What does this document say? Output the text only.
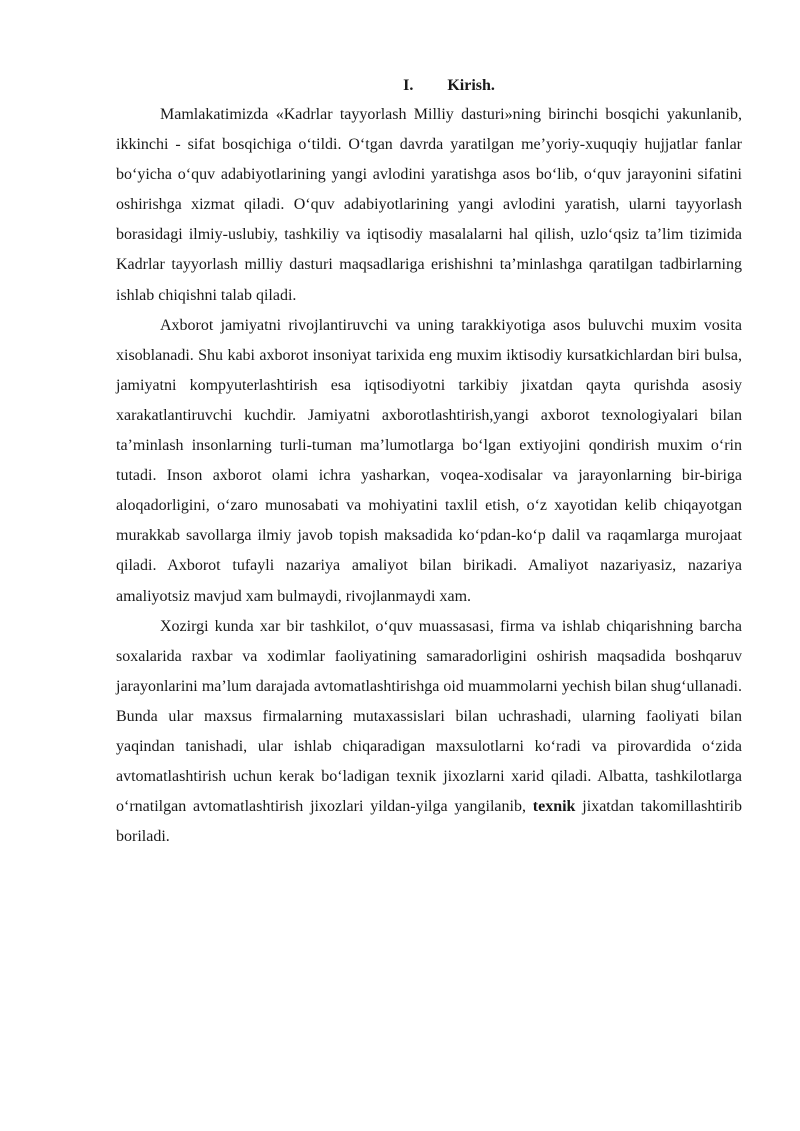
I. Kirish.

Mamlakatimizda «Kadrlar tayyorlash Milliy dasturi»ning birinchi bosqichi yakunlanib, ikkinchi - sifat bosqichiga o‘tildi. O‘tgan davrda yaratilgan me’yoriy-xuquqiy hujjatlar fanlar bo‘yicha o‘quv adabiyotlarining yangi avlodini yaratishga asos bo‘lib, o‘quv jarayonini sifatini oshirishga xizmat qiladi. O‘quv adabiyotlarining yangi avlodini yaratish, ularni tayyorlash borasidagi ilmiy-uslubiy, tashkiliy va iqtisodiy masalalarni hal qilish, uzlo‘qsiz ta’lim tizimida Kadrlar tayyorlash milliy dasturi maqsadlariga erishishni ta’minlashga qaratilgan tadbirlarning ishlab chiqishni talab qiladi.

Axborot jamiyatni rivojlantiruvchi va uning tarakkiyotiga asos buluvchi muxim vosita xisoblanadi. Shu kabi axborot insoniyat tarixida eng muxim iktisodiy kursatkichlardan biri bulsa, jamiyatni kompyuterlashtirish esa iqtisodiyotni tarkibiy jixatdan qayta qurishda asosiy xarakatlantiruvchi kuchdir. Jamiyatni axborotlashtirish,yangi axborot texnologiyalari bilan ta’minlash insonlarning turli-tuman ma’lumotlarga bo‘lgan extiyojini qondirish muxim o‘rin tutadi. Inson axborot olami ichra yasharkan, voqea-xodisalar va jarayonlarning bir-biriga aloqadorligini, o‘zaro munosabati va mohiyatini taxlil etish, o‘z xayotidan kelib chiqayotgan murakkab savollarga ilmiy javob topish maksadida ko‘pdan-ko‘p dalil va raqamlarga murojaat qiladi. Axborot tufayli nazariya amaliyot bilan birikadi. Amaliyot nazariyasiz, nazariya amaliyotsiz mavjud xam bulmaydi, rivojlanmaydi xam.

Xozirgi kunda xar bir tashkilot, o‘quv muassasasi, firma va ishlab chiqarishning barcha soxalarida raxbar va xodimlar faoliyatining samaradorligini oshirish maqsadida boshqaruv jarayonlarini ma’lum darajada avtomatlashtirishga oid muammolarni yechish bilan shug‘ullanadi. Bunda ular maxsus firmalarning mutaxassislari bilan uchrashadi, ularning faoliyati bilan yaqindan tanishadi, ular ishlab chiqaradigan maxsulotlarni ko‘radi va pirovardida o‘zida avtomatlashtirish uchun kerak bo‘ladigan texnik jixozlarni xarid qiladi. Albatta, tashkilotlarga o‘rnatilgan avtomatlashtirish jixozlari yildan-yilga yangilanib, texnik jixatdan takomillashtirib boriladi.
